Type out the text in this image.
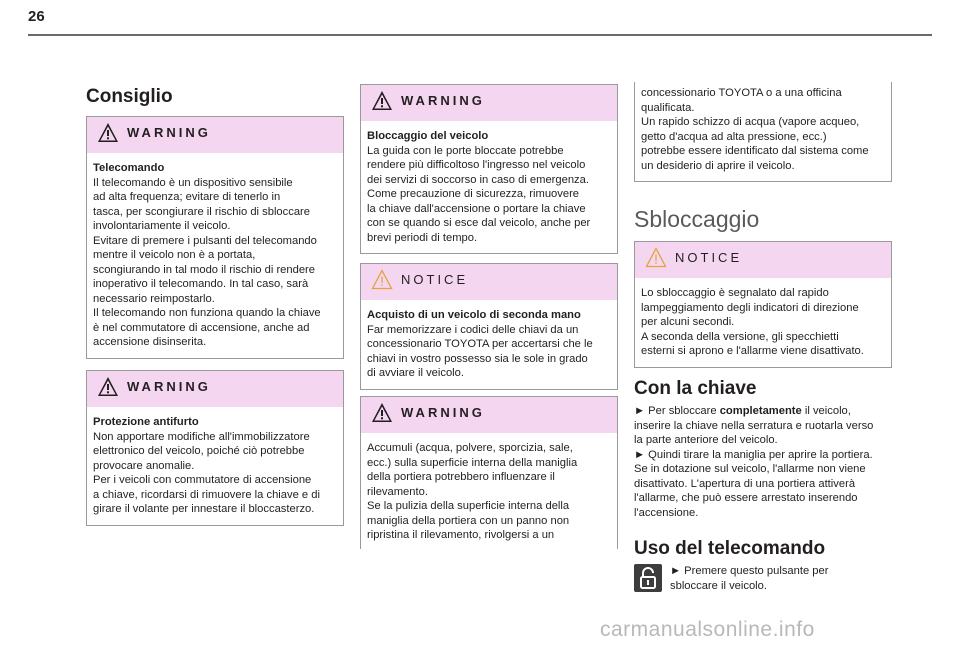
26
Consiglio
WARNING
Telecomando

Il telecomando è un dispositivo sensibile

ad alta frequenza; evitare di tenerlo in

tasca, per scongiurare il rischio di sbloccare

involontariamente il veicolo.

Evitare di premere i pulsanti del telecomando

mentre il veicolo non è a portata,

scongiurando in tal modo il rischio di rendere

inoperativo il telecomando. In tal caso, sarà

necessario reimpostarlo.

Il telecomando non funziona quando la chiave

è nel commutatore di accensione, anche ad

accensione disinserita.

WARNING
Protezione antifurto

Non apportare modifiche all'immobilizzatore

elettronico del veicolo, poiché ciò potrebbe

provocare anomalie.

Per i veicoli con commutatore di accensione

a chiave, ricordarsi di rimuovere la chiave e di

girare il volante per innestare il bloccasterzo.

WARNING
Bloccaggio del veicolo

La guida con le porte bloccate potrebbe

rendere più difficoltoso l'ingresso nel veicolo

dei servizi di soccorso in caso di emergenza.

Come precauzione di sicurezza, rimuovere

la chiave dall'accensione o portare la chiave

con se quando si esce dal veicolo, anche per

brevi periodi di tempo.

NOTICE
Acquisto di un veicolo di seconda mano

Far memorizzare i codici delle chiavi da un

concessionario TOYOTA per accertarsi che le

chiavi in vostro possesso sia le sole in grado

di avviare il veicolo.

WARNING

Accumuli (acqua, polvere, sporcizia, sale,

ecc.) sulla superficie interna della maniglia

della portiera potrebbero influenzare il

rilevamento.

Se la pulizia della superficie interna della

maniglia della portiera con un panno non

ripristina il rilevamento, rivolgersi a un

concessionario TOYOTA o a una officina

qualificata.

Un rapido schizzo di acqua (vapore acqueo,

getto d'acqua ad alta pressione, ecc.)

potrebbe essere identificato dal sistema come

un desiderio di aprire il veicolo.

Sbloccaggio
NOTICE

Lo sbloccaggio è segnalato dal rapido

lampeggiamento degli indicatori di direzione

per alcuni secondi.

A seconda della versione, gli specchietti

esterni si aprono e l'allarme viene disattivato.

Con la chiave

► Per sbloccare completamente il veicolo,

inserire la chiave nella serratura e ruotarla verso

la parte anteriore del veicolo.

► Quindi tirare la maniglia per aprire la portiera.

Se in dotazione sul veicolo, l'allarme non viene

disattivato. L'apertura di una portiera attiverà

l'allarme, che può essere arrestato inserendo

l'accensione.

Uso del telecomando

► Premere questo pulsante per

sbloccare il veicolo.

carmanualsonline.info
